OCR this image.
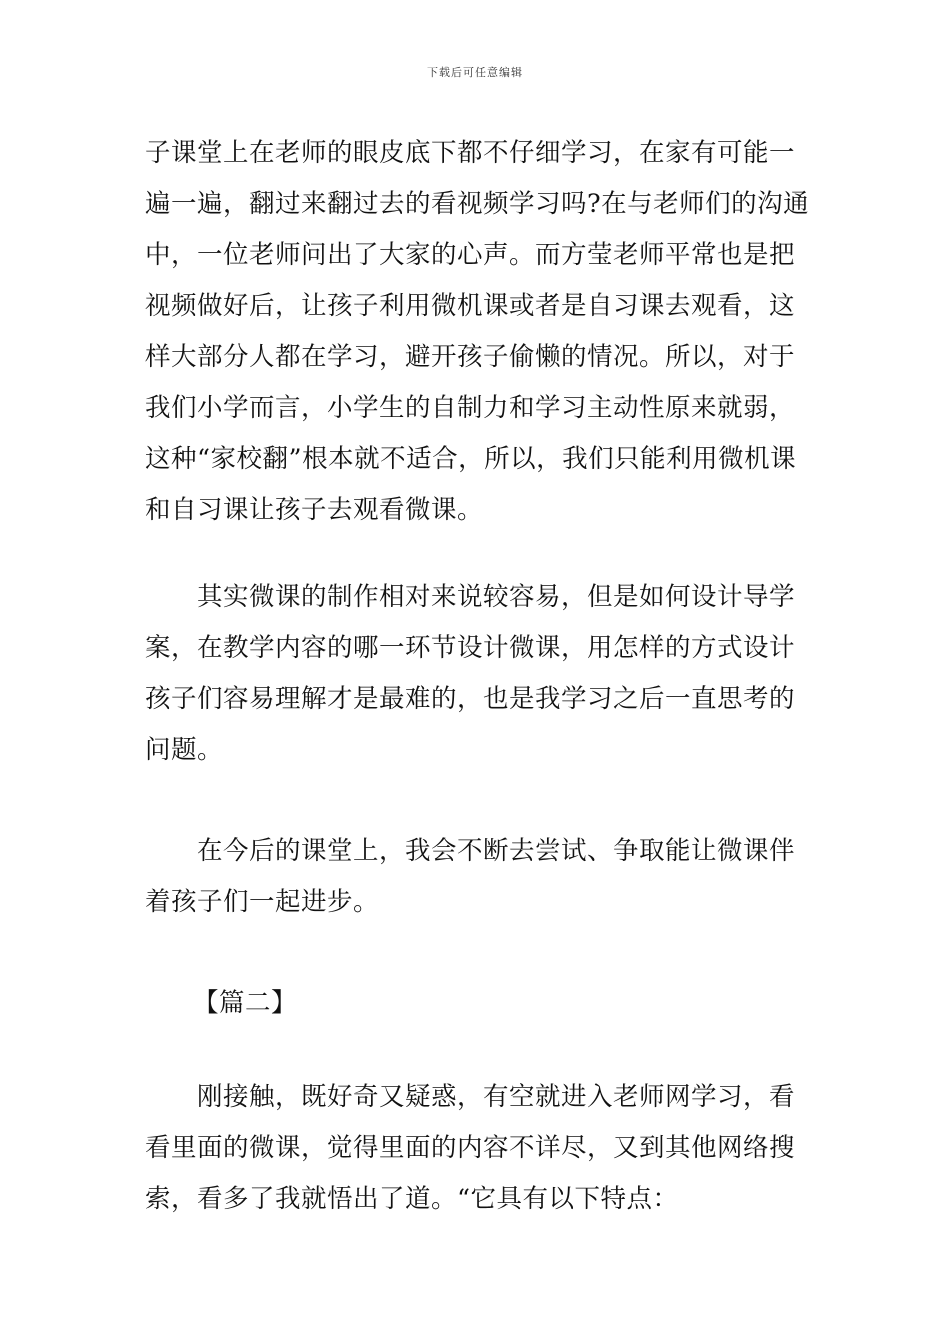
下载后可任意编辑
子课堂上在老师的眼皮底下都不仔细学习，在家有可能一遍一遍，翻过来翻过去的看视频学习吗?在与老师们的沟通中，一位老师问出了大家的心声。而方莹老师平常也是把视频做好后，让孩子利用微机课或者是自习课去观看，这样大部分人都在学习，避开孩子偷懒的情况。所以，对于我们小学而言，小学生的自制力和学习主动性原来就弱，这种“家校翻”根本就不适合，所以，我们只能利用微机课和自习课让孩子去观看微课。
其实微课的制作相对来说较容易，但是如何设计导学案，在教学内容的哪一环节设计微课，用怎样的方式设计孩子们容易理解才是最难的，也是我学习之后一直思考的问题。
在今后的课堂上，我会不断去尝试、争取能让微课伴着孩子们一起进步。
【篇二】
刚接触，既好奇又疑惑，有空就进入老师网学习，看看里面的微课，觉得里面的内容不详尽，又到其他网络搜索，看多了我就悟出了道。“它具有以下特点：
